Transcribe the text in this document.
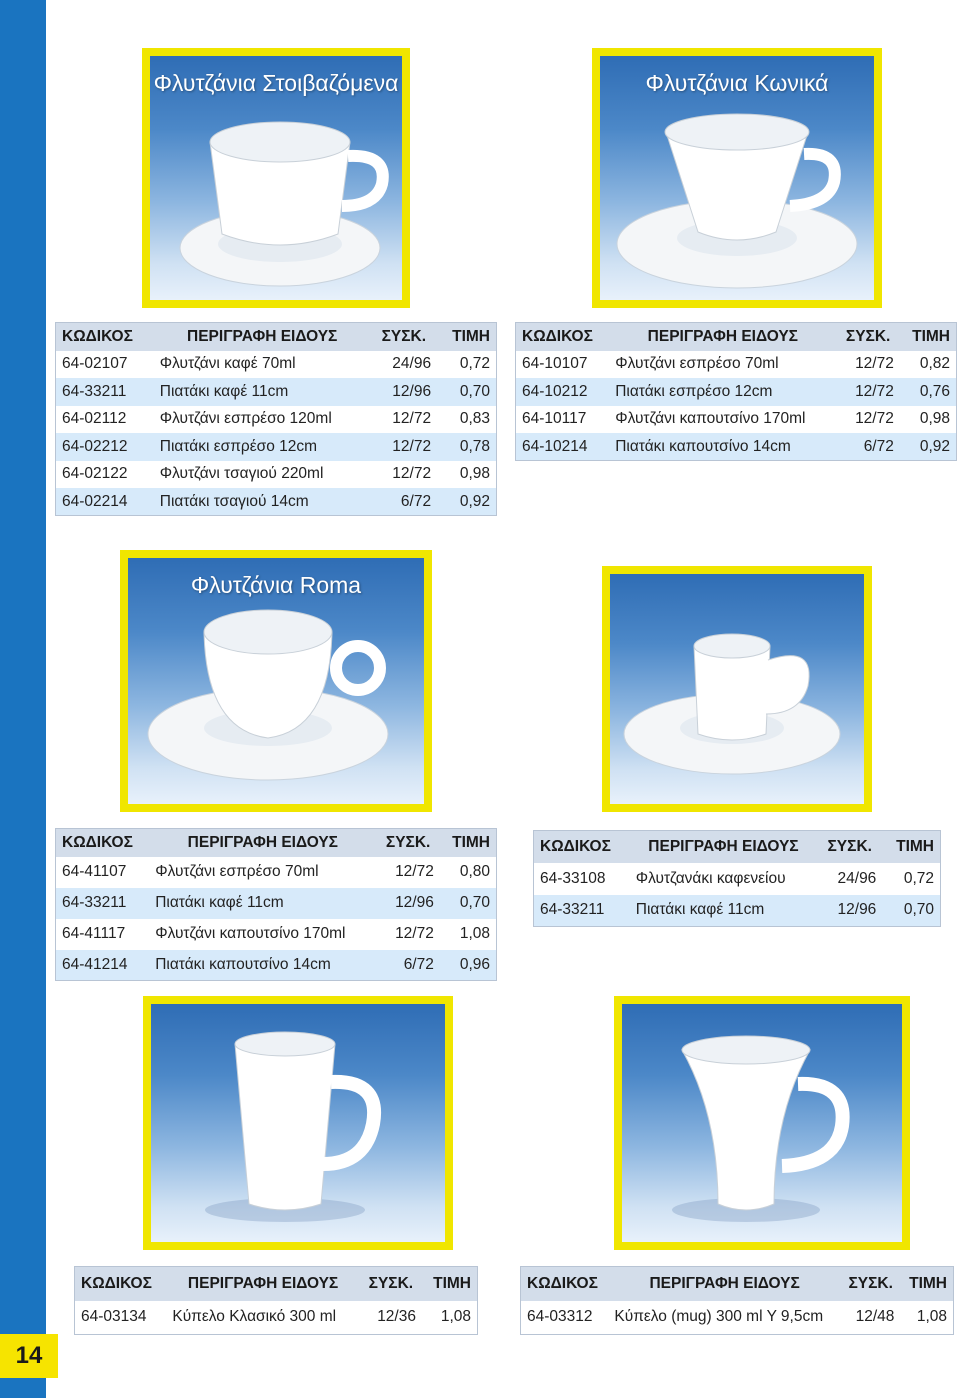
14
Φλυτζάνια Στοιβαζόμενα	Φλυτζάνια Κωνικά
ΚΩΔΙΚΟΣ	ΠΕΡΙΓΡΑΦΗ ΕΙΔΟΥΣ	ΣΥΣΚ.	ΤΙΜΗ
64-02107	Φλυτζάνι καφέ 70ml	24/96	0,72
64-33211	Πιατάκι καφέ 11cm	12/96	0,70
64-02112	Φλυτζάνι εσπρέσο 120ml	12/72	0,83
64-02212	Πιατάκι εσπρέσο 12cm	12/72	0,78
64-02122	Φλυτζάνι τσαγιού 220ml	12/72	0,98
64-02214	Πιατάκι τσαγιού 14cm	6/72	0,92
ΚΩΔΙΚΟΣ	ΠΕΡΙΓΡΑΦΗ ΕΙΔΟΥΣ	ΣΥΣΚ.	ΤΙΜΗ
64-10107	Φλυτζάνι εσπρέσο 70ml	12/72	0,82
64-10212	Πιατάκι εσπρέσο 12cm	12/72	0,76
64-10117	Φλυτζάνι καπουτσίνο 170ml	12/72	0,98
64-10214	Πιατάκι καπουτσίνο 14cm	6/72	0,92
Φλυτζάνια Roma
ΚΩΔΙΚΟΣ	ΠΕΡΙΓΡΑΦΗ ΕΙΔΟΥΣ	ΣΥΣΚ.	ΤΙΜΗ
64-41107	Φλυτζάνι εσπρέσο 70ml	12/72	0,80
64-33211	Πιατάκι καφέ 11cm	12/96	0,70
64-41117	Φλυτζάνι καπουτσίνο 170ml	12/72	1,08
64-41214	Πιατάκι καπουτσίνο 14cm	6/72	0,96
ΚΩΔΙΚΟΣ	ΠΕΡΙΓΡΑΦΗ ΕΙΔΟΥΣ	ΣΥΣΚ.	ΤΙΜΗ
64-33108	Φλυτζανάκι καφενείου	24/96	0,72
64-33211	Πιατάκι καφέ 11cm	12/96	0,70
ΚΩΔΙΚΟΣ	ΠΕΡΙΓΡΑΦΗ ΕΙΔΟΥΣ	ΣΥΣΚ.	ΤΙΜΗ
64-03134	Κύπελο Κλασικό 300 ml	12/36	1,08
ΚΩΔΙΚΟΣ	ΠΕΡΙΓΡΑΦΗ ΕΙΔΟΥΣ	ΣΥΣΚ.	ΤΙΜΗ
64-03312	Κύπελο (mug) 300 ml Y 9,5cm	12/48	1,08
